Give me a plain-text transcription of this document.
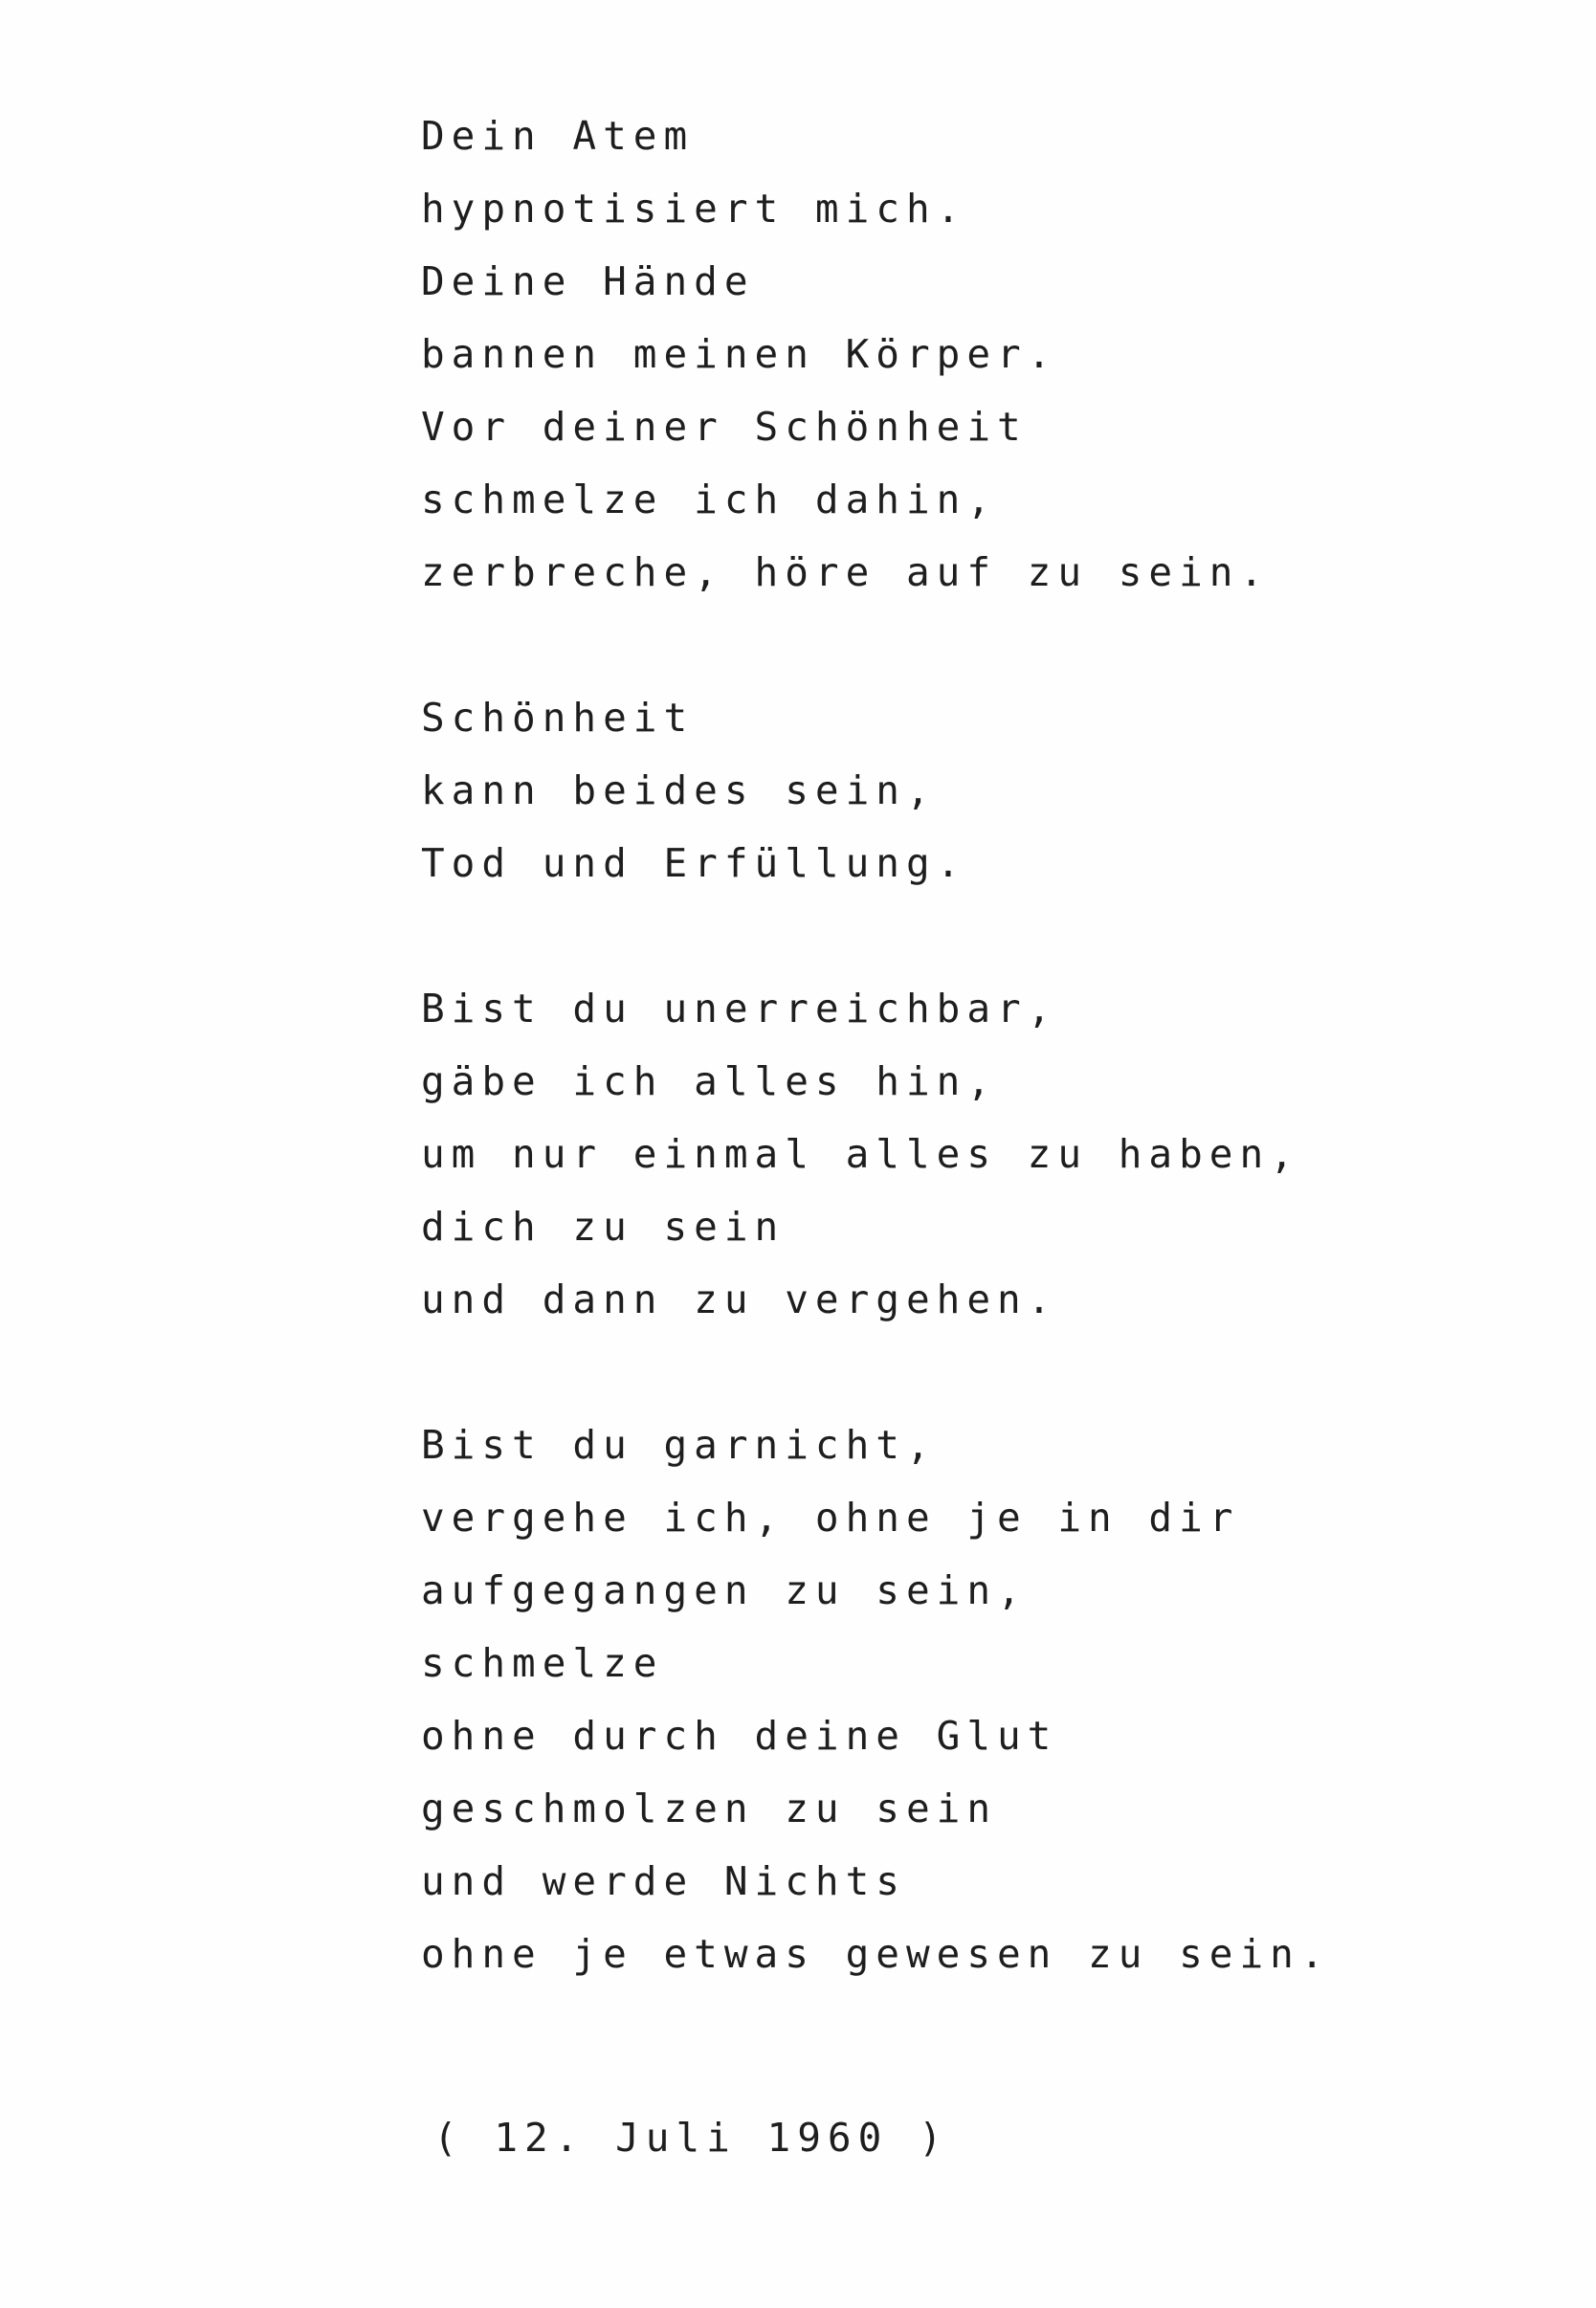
Dein Atem
hypnotisiert mich.
Deine Hände
bannen meinen Körper.
Vor deiner Schönheit
schmelze ich dahin,
zerbreche, höre auf zu sein.
Schönheit
kann beides sein,
Tod und Erfüllung.
Bist du unerreichbar,
gäbe ich alles hin,
um nur einmal alles zu haben,
dich zu sein
und dann zu vergehen.
Bist du garnicht,
vergehe ich, ohne je in dir
aufgegangen zu sein,
schmelze
ohne durch deine Glut
geschmolzen zu sein
und werde Nichts
ohne je etwas gewesen zu sein.
( 12. Juli 1960 )
